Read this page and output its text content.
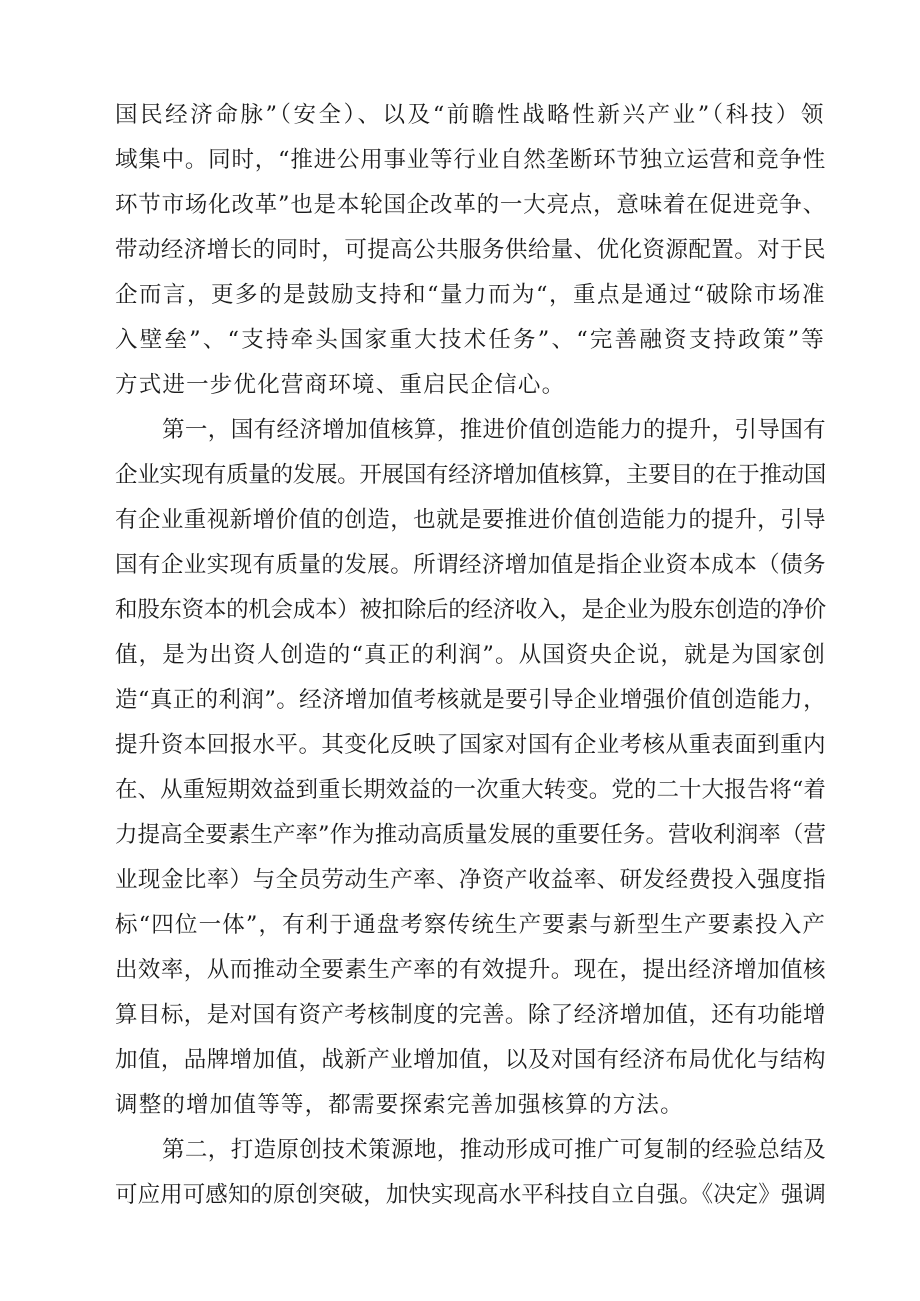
国民经济命脉”（安全）、以及“前瞻性战略性新兴产业”（科技）领
域集中。同时，“推进公用事业等行业自然垄断环节独立运营和竞争性
环节市场化改革”也是本轮国企改革的一大亮点，意味着在促进竞争、
带动经济增长的同时，可提高公共服务供给量、优化资源配置。对于民
企而言，更多的是鼓励支持和“量力而为“，重点是通过“破除市场准
入壁垒”、“支持牵头国家重大技术任务”、“完善融资支持政策”等
方式进一步优化营商环境、重启民企信心。
第一，国有经济增加值核算，推进价值创造能力的提升，引导国有
企业实现有质量的发展。开展国有经济增加值核算，主要目的在于推动国
有企业重视新增价值的创造，也就是要推进价值创造能力的提升，引导
国有企业实现有质量的发展。所谓经济增加值是指企业资本成本（债务
和股东资本的机会成本）被扣除后的经济收入，是企业为股东创造的净价
值，是为出资人创造的“真正的利润”。从国资央企说，就是为国家创
造“真正的利润”。经济增加值考核就是要引导企业增强价值创造能力，
提升资本回报水平。其变化反映了国家对国有企业考核从重表面到重内
在、从重短期效益到重长期效益的一次重大转变。党的二十大报告将“着
力提高全要素生产率”作为推动高质量发展的重要任务。营收利润率（营
业现金比率）与全员劳动生产率、净资产收益率、研发经费投入强度指
标“四位一体”，有利于通盘考察传统生产要素与新型生产要素投入产
出效率，从而推动全要素生产率的有效提升。现在，提出经济增加值核
算目标，是对国有资产考核制度的完善。除了经济增加值，还有功能增
加值，品牌增加值，战新产业增加值，以及对国有经济布局优化与结构
调整的增加值等等，都需要探索完善加强核算的方法。
第二，打造原创技术策源地，推动形成可推广可复制的经验总结及
可应用可感知的原创突破，加快实现高水平科技自立自强。《决定》强调
